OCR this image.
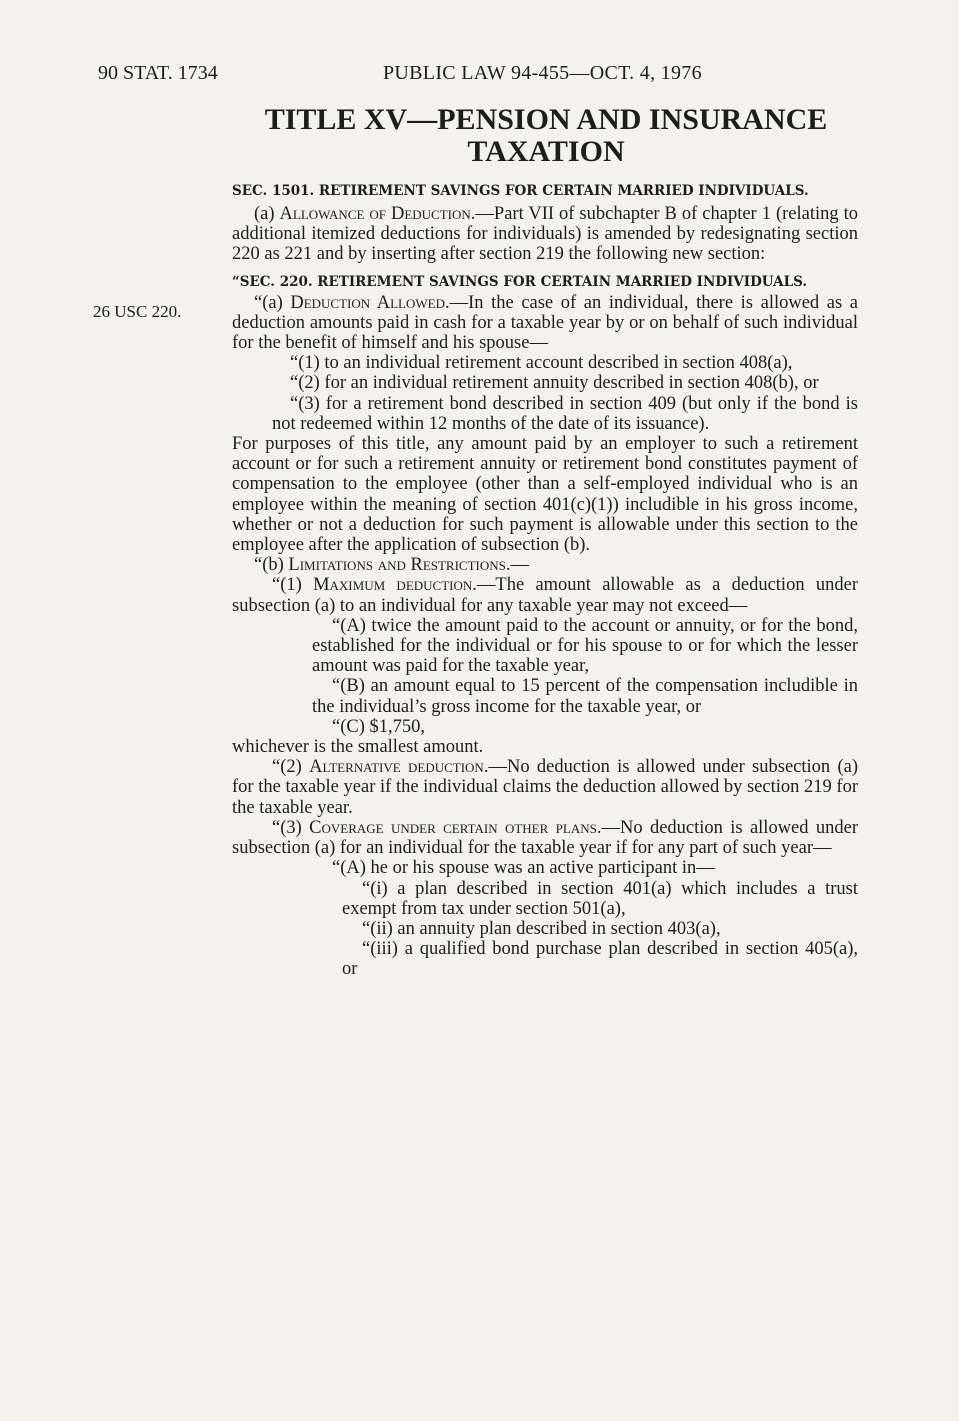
90 STAT. 1734	PUBLIC LAW 94-455—OCT. 4, 1976
TITLE XV—PENSION AND INSURANCE
TAXATION
26 USC 220.

SEC. 1501. RETIREMENT SAVINGS FOR CERTAIN MARRIED INDIVIDUALS.

(a) Allowance of Deduction.—Part VII of subchapter B of chapter 1 (relating to additional itemized deductions for individuals) is amended by redesignating section 220 as 221 and by inserting after section 219 the following new section:

“SEC. 220. RETIREMENT SAVINGS FOR CERTAIN MARRIED INDIVIDUALS.

“(a) Deduction Allowed.—In the case of an individual, there is allowed as a deduction amounts paid in cash for a taxable year by or on behalf of such individual for the benefit of himself and his spouse—

“(1) to an individual retirement account described in section 408(a),

“(2) for an individual retirement annuity described in section 408(b), or

“(3) for a retirement bond described in section 409 (but only if the bond is not redeemed within 12 months of the date of its issuance).

For purposes of this title, any amount paid by an employer to such a retirement account or for such a retirement annuity or retirement bond constitutes payment of compensation to the employee (other than a self-employed individual who is an employee within the meaning of section 401(c)(1)) includible in his gross income, whether or not a deduction for such payment is allowable under this section to the employee after the application of subsection (b).

“(b) Limitations and Restrictions.—

“(1) Maximum deduction.—The amount allowable as a deduction under subsection (a) to an individual for any taxable year may not exceed—

“(A) twice the amount paid to the account or annuity, or for the bond, established for the individual or for his spouse to or for which the lesser amount was paid for the taxable year,

“(B) an amount equal to 15 percent of the compensation includible in the individual’s gross income for the taxable year, or

“(C) $1,750,

whichever is the smallest amount.

“(2) Alternative deduction.—No deduction is allowed under subsection (a) for the taxable year if the individual claims the deduction allowed by section 219 for the taxable year.

“(3) Coverage under certain other plans.—No deduction is allowed under subsection (a) for an individual for the taxable year if for any part of such year—

“(A) he or his spouse was an active participant in—

“(i) a plan described in section 401(a) which includes a trust exempt from tax under section 501(a),

“(ii) an annuity plan described in section 403(a),

“(iii) a qualified bond purchase plan described in section 405(a), or
